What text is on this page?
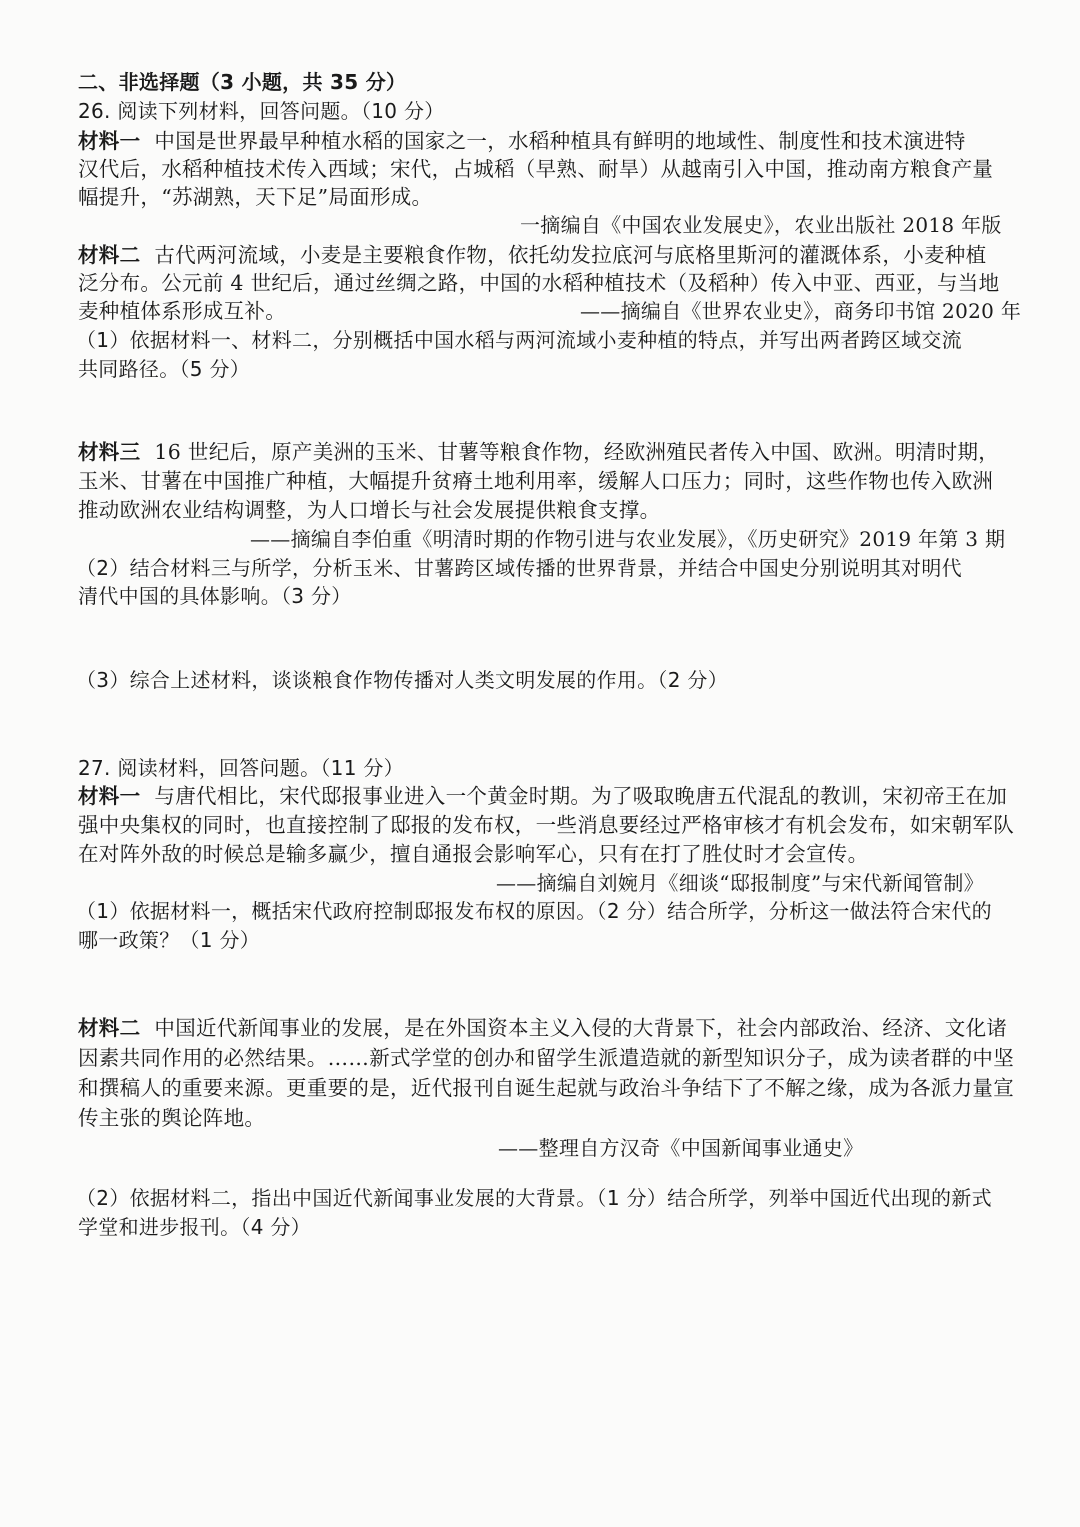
二、非选择题（3 小题，共 35 分）
26. 阅读下列材料，回答问题。（10 分）
材料一 中国是世界最早种植水稻的国家之一，水稻种植具有鲜明的地域性、制度性和技术演进特
汉代后，水稻种植技术传入西域；宋代，占城稻（早熟、耐旱）从越南引入中国，推动南方粮食产量
幅提升，“苏湖熟，天下足”局面形成。
一摘编自《中国农业发展史》，农业出版社 2018 年版
材料二 古代两河流域，小麦是主要粮食作物，依托幼发拉底河与底格里斯河的灌溉体系，小麦种植
泛分布。公元前 4 世纪后，通过丝绸之路，中国的水稻种植技术（及稻种）传入中亚、西亚，与当地
麦种植体系形成互补。	——摘编自《世界农业史》，商务印书馆 2020 年
（1）依据材料一、材料二，分别概括中国水稻与两河流域小麦种植的特点，并写出两者跨区域交流
共同路径。（5 分）
材料三 16 世纪后，原产美洲的玉米、甘薯等粮食作物，经欧洲殖民者传入中国、欧洲。明清时期，
玉米、甘薯在中国推广种植，大幅提升贫瘠土地利用率，缓解人口压力；同时，这些作物也传入欧洲
推动欧洲农业结构调整，为人口增长与社会发展提供粮食支撑。
——摘编自李伯重《明清时期的作物引进与农业发展》，《历史研究》2019 年第 3 期
（2）结合材料三与所学，分析玉米、甘薯跨区域传播的世界背景，并结合中国史分别说明其对明代
清代中国的具体影响。（3 分）
（3）综合上述材料，谈谈粮食作物传播对人类文明发展的作用。（2 分）
27. 阅读材料，回答问题。（11 分）
材料一 与唐代相比，宋代邸报事业进入一个黄金时期。为了吸取晚唐五代混乱的教训，宋初帝王在加
强中央集权的同时，也直接控制了邸报的发布权，一些消息要经过严格审核才有机会发布，如宋朝军队
在对阵外敌的时候总是输多赢少，擅自通报会影响军心，只有在打了胜仗时才会宣传。
——摘编自刘婉月《细谈“邸报制度”与宋代新闻管制》
（1）依据材料一，概括宋代政府控制邸报发布权的原因。（2 分）结合所学，分析这一做法符合宋代的
哪一政策？（1 分）
材料二 中国近代新闻事业的发展，是在外国资本主义入侵的大背景下，社会内部政治、经济、文化诸
因素共同作用的必然结果。……新式学堂的创办和留学生派遣造就的新型知识分子，成为读者群的中坚
和撰稿人的重要来源。更重要的是，近代报刊自诞生起就与政治斗争结下了不解之缘，成为各派力量宣
传主张的舆论阵地。
——整理自方汉奇《中国新闻事业通史》
（2）依据材料二，指出中国近代新闻事业发展的大背景。（1 分）结合所学，列举中国近代出现的新式
学堂和进步报刊。（4 分）
